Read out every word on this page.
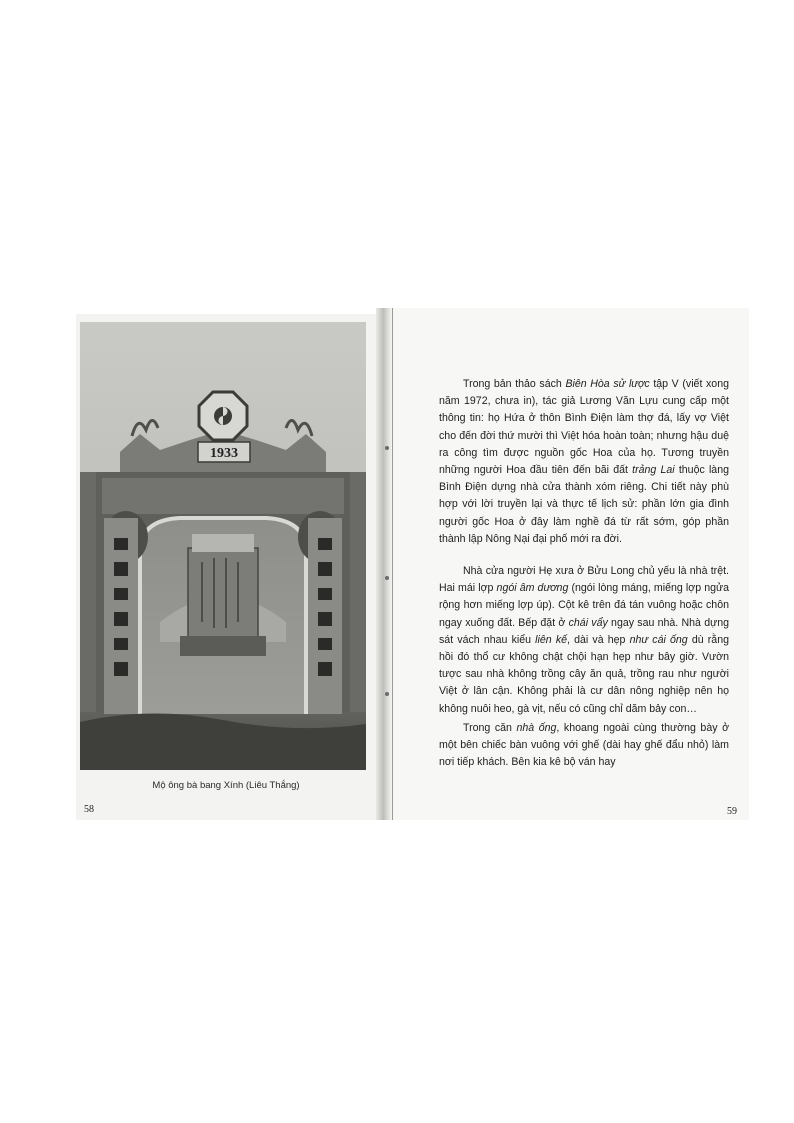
1933
Mộ ông bà bang Xính (Liêu Thắng)
58

Trong bản thảo sách Biên Hòa sử lược tập V (viết xong năm 1972, chưa in), tác giả Lương Văn Lựu cung cấp một thông tin: họ Hứa ở thôn Bình Điện làm thợ đá, lấy vợ Việt cho đến đời thứ mười thì Việt hóa hoàn toàn; nhưng hậu duệ ra công tìm được nguồn gốc Hoa của họ. Tương truyền những người Hoa đầu tiên đến bãi đất trảng Lai thuộc làng Bình Điện dựng nhà cửa thành xóm riêng. Chi tiết này phù hợp với lời truyền lại và thực tế lịch sử: phần lớn gia đình người gốc Hoa ở đây làm nghề đá từ rất sớm, góp phần thành lập Nông Nại đại phố mới ra đời.

Nhà cửa người Hẹ xưa ở Bửu Long chủ yếu là nhà trệt. Hai mái lợp ngói âm dương (ngói lòng máng, miếng lợp ngửa rộng hơn miếng lợp úp). Cột kê trên đá tán vuông hoặc chôn ngay xuống đất. Bếp đặt ở chái vẩy ngay sau nhà. Nhà dựng sát vách nhau kiểu liên kế, dài và hẹp như cái ống dù rằng hồi đó thổ cư không chật chội hạn hẹp như bây giờ. Vườn tược sau nhà không trồng cây ăn quả, trồng rau như người Việt ở lân cận. Không phải là cư dân nông nghiệp nên họ không nuôi heo, gà vịt, nếu có cũng chỉ dăm bảy con…

Trong căn nhà ống, khoang ngoài cùng thường bày ở một bên chiếc bàn vuông với ghế (dài hay ghế đẩu nhỏ) làm nơi tiếp khách. Bên kia kê bộ ván hay

59
